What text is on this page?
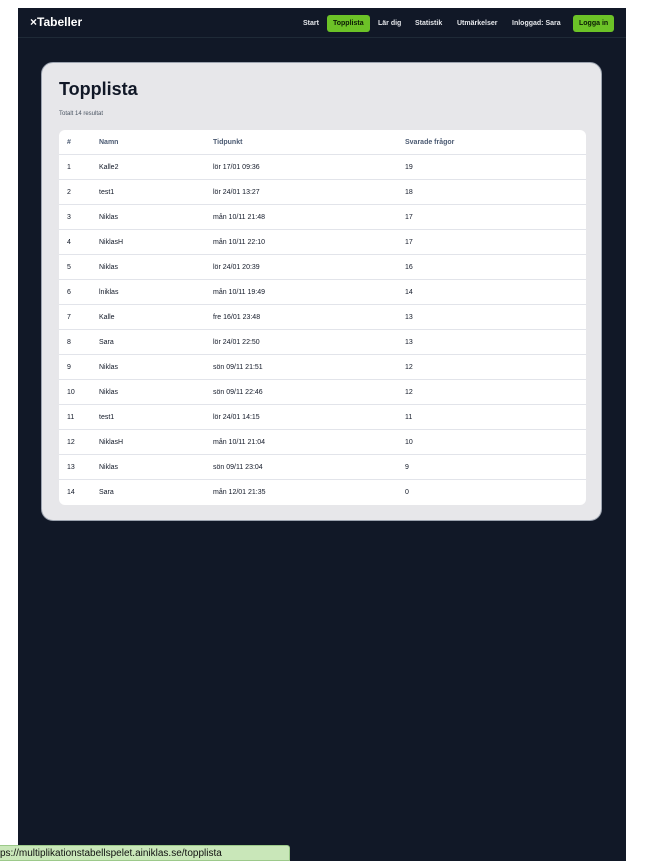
×Tabeller	Start	Topplista	Lär dig Statistik Utmärkelser Inloggad: Sara	Logga in
Topplista
Totalt 14 resultat
#	Namn	Tidpunkt	Svarade frågor
1	Kalle2	lör 17/01 09:36	19
2	test1	lör 24/01 13:27	18
3	Niklas	mån 10/11 21:48	17
4	NiklasH	mån 10/11 22:10	17
5	Niklas	lör 24/01 20:39	16
6	lniklas	mån 10/11 19:49	14
7	Kalle	fre 16/01 23:48	13
8	Sara	lör 24/01 22:50	13
9	Niklas	sön 09/11 21:51	12
10	Niklas	sön 09/11 22:46	12
11	test1	lör 24/01 14:15	11
12	NiklasH	mån 10/11 21:04	10
13	Niklas	sön 09/11 23:04	9
14	Sara	mån 12/01 21:35	0
ps://multiplikationstabellspelet.ainiklas.se/topplista
